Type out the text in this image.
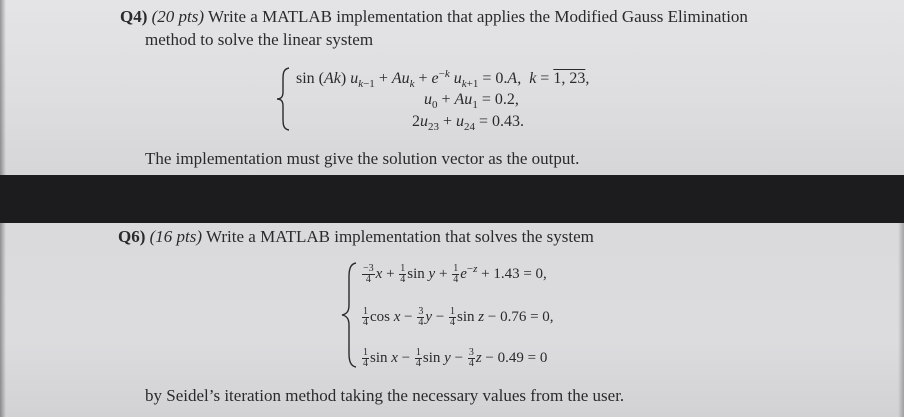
Q4) (20 pts) Write a MATLAB implementation that applies the Modified Gauss Elimination
method to solve the linear system
sin (Ak) $u_{k-1} + Au_k + e^{-k}$ $u_{k+1} = 0.A$,  k = 1, 23,
$u_0 + Au_1 = 0.2$,
$2u_{23} + u_{24} = 0.43$.
The implementation must give the solution vector as the output.
Q6) (16 pts) Write a MATLAB implementation that solves the system
$\frac{-3}{4}$ $x + \frac{1}{4}$ $\sin y + \frac{1}{4} e^{-z} + 1.43 = 0$,
$\frac{1}{4}$ $\cos x - \frac{3}{4}$ $y - \frac{1}{4}$ sin z − 0.76 = 0,
$\frac{1}{4}$ $\sin x - \frac{1}{4}$ $\sin y - \frac{3}{4}$ z − 0.49 = 0
by Seidel’s iteration method taking the necessary values from the user.
